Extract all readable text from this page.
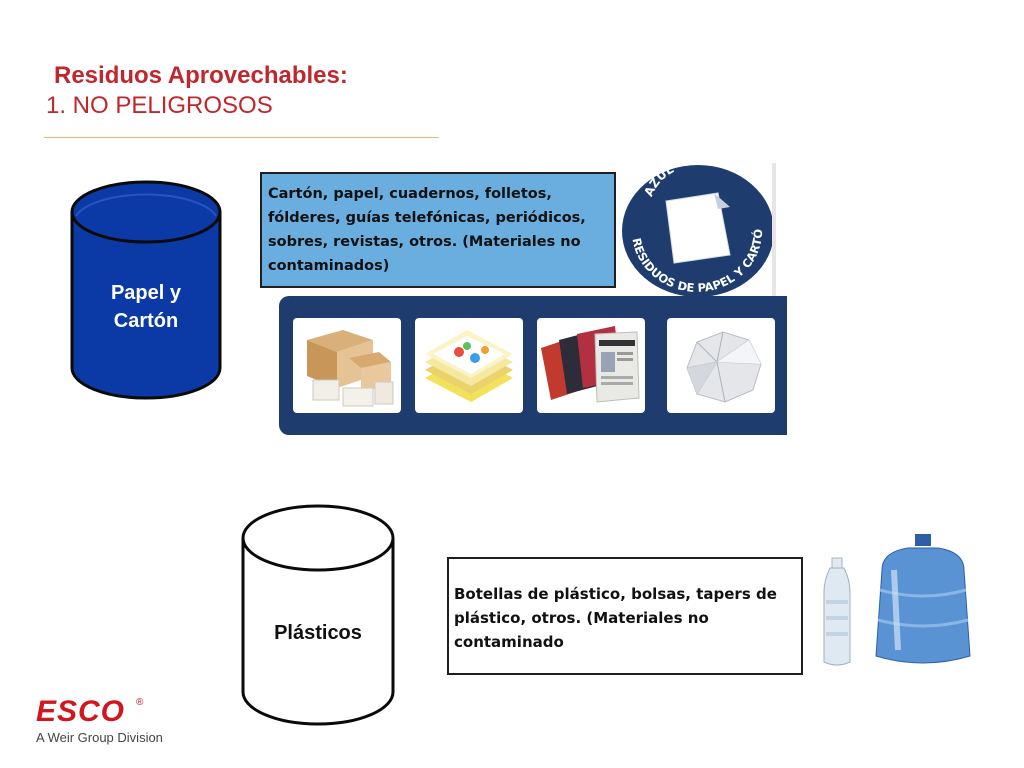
Residuos Aprovechables:
1. NO PELIGROSOS
Papel y
Cartón
Cartón, papel, cuadernos, folletos, fólderes, guías telefónicas, periódicos, sobres, revistas, otros. (Materiales no contaminados)
AZUL
RESIDUOS DE PAPEL Y CARTÓ
Plásticos
Botellas de plástico, bolsas, tapers de plástico, otros. (Materiales no contaminado
ESCO ®
A Weir Group Division
